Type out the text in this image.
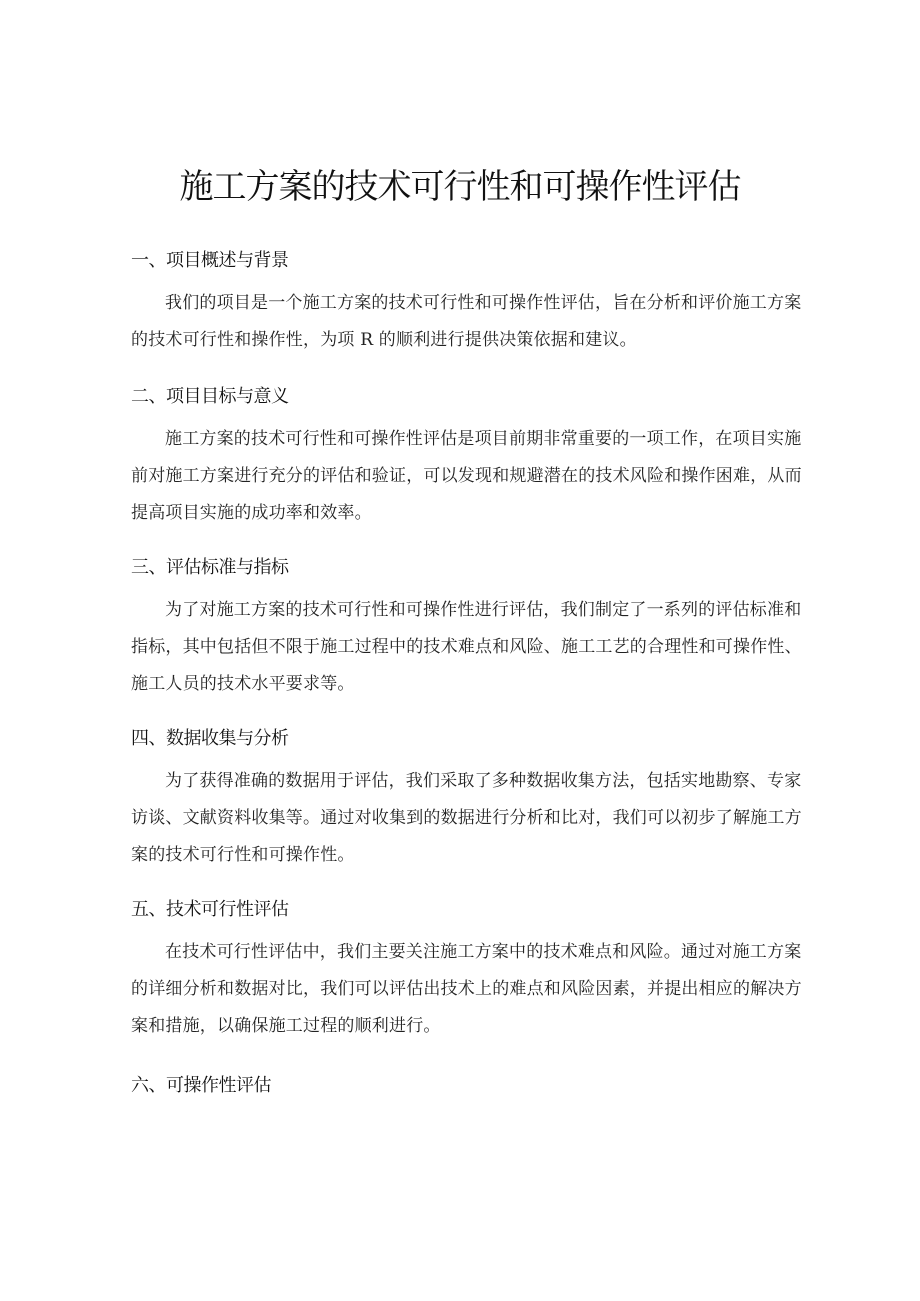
施工方案的技术可行性和可操作性评估
一、项目概述与背景
我们的项目是一个施工方案的技术可行性和可操作性评估，旨在分析和评价施工方案
的技术可行性和操作性，为项 R 的顺利进行提供决策依据和建议。
二、项目目标与意义
施工方案的技术可行性和可操作性评估是项目前期非常重要的一项工作，在项目实施
前对施工方案进行充分的评估和验证，可以发现和规避潜在的技术风险和操作困难，从而
提高项目实施的成功率和效率。
三、评估标准与指标
为了对施工方案的技术可行性和可操作性进行评估，我们制定了一系列的评估标准和
指标，其中包括但不限于施工过程中的技术难点和风险、施工工艺的合理性和可操作性、
施工人员的技术水平要求等。
四、数据收集与分析
为了获得准确的数据用于评估，我们采取了多种数据收集方法，包括实地勘察、专家
访谈、文献资料收集等。通过对收集到的数据进行分析和比对，我们可以初步了解施工方
案的技术可行性和可操作性。
五、技术可行性评估
在技术可行性评估中，我们主要关注施工方案中的技术难点和风险。通过对施工方案
的详细分析和数据对比，我们可以评估出技术上的难点和风险因素，并提出相应的解决方
案和措施，以确保施工过程的顺利进行。
六、可操作性评估
